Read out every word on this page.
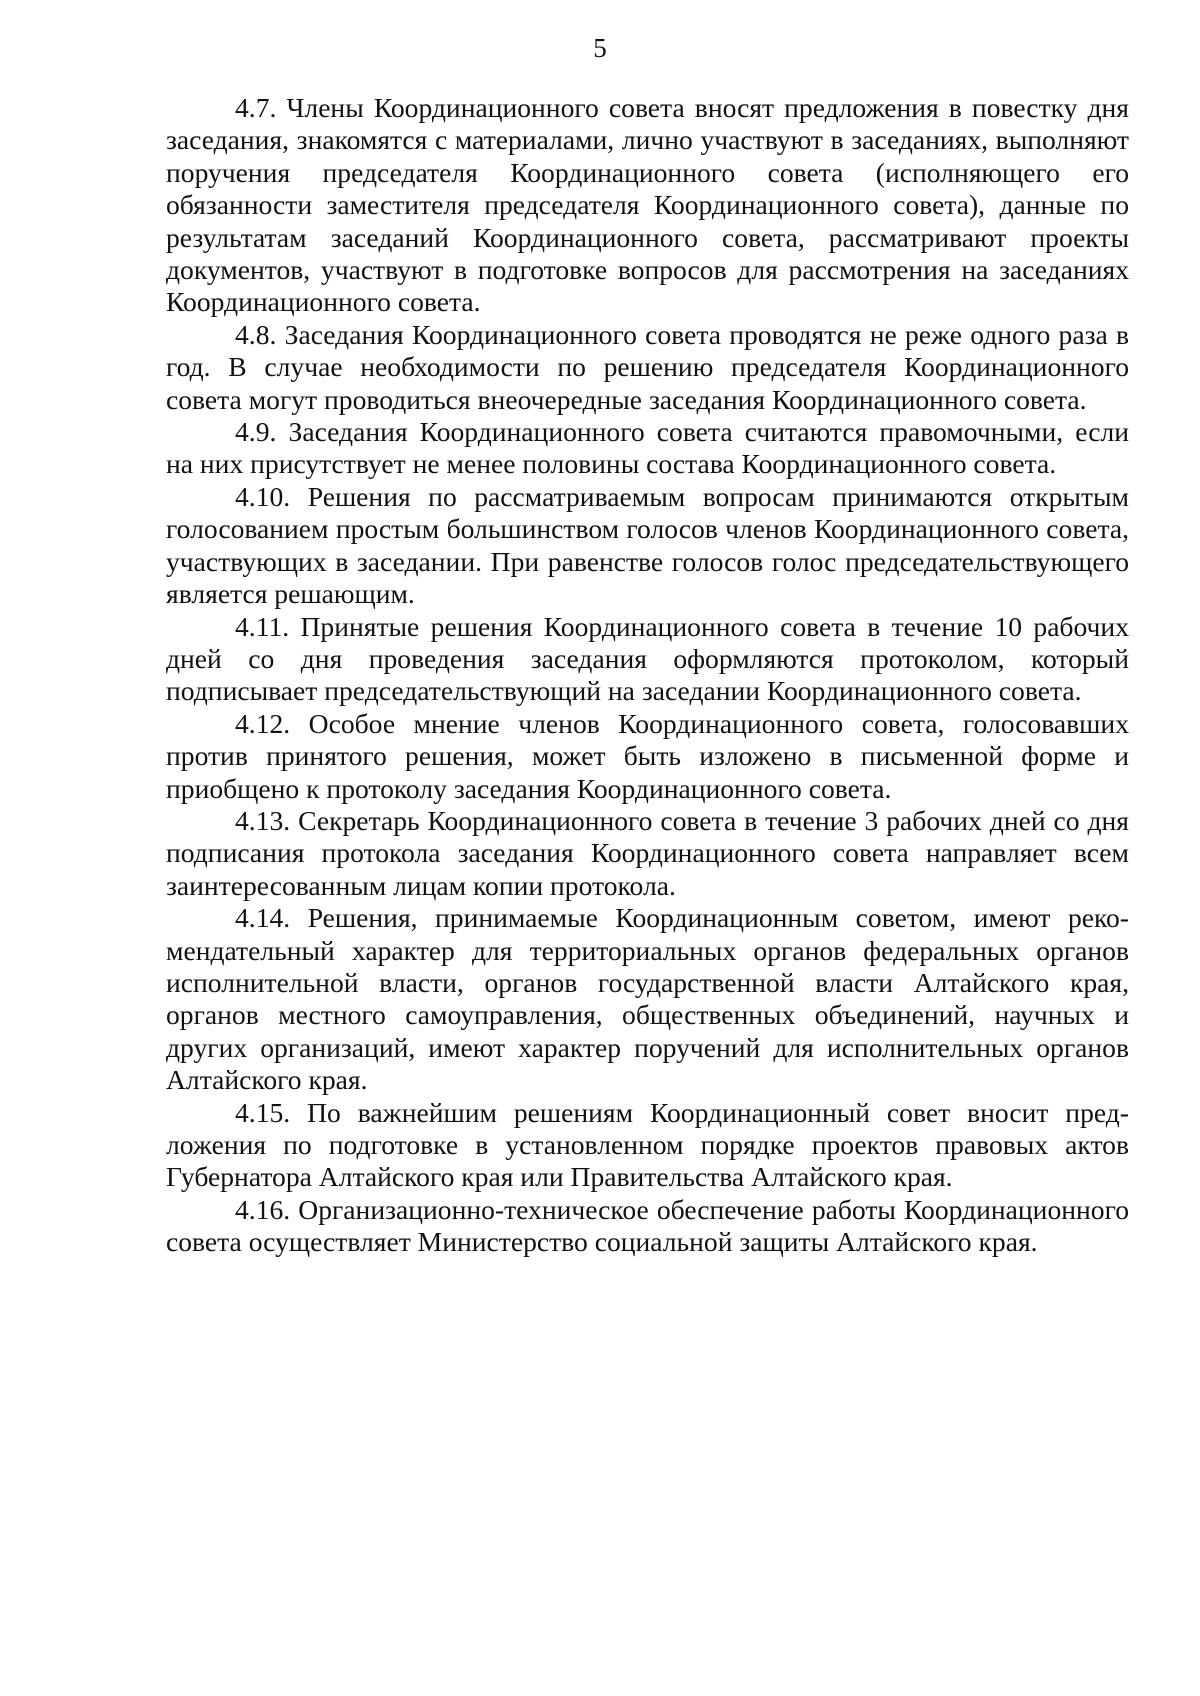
5

4.7. Члены Координационного совета вносят предложения в повестку дня заседания, знакомятся с материалами, лично участвуют в заседаниях, выполняют поручения председателя Координационного совета (исполняющего его обязанности заместителя председателя Координационного совета), данные по результатам заседаний Координационного совета, рассматривают проекты документов, участвуют в подготовке вопросов для рассмотрения на заседаниях Координационного совета.

4.8. Заседания Координационного совета проводятся не реже одного раза в год. В случае необходимости по решению председателя Координационного совета могут проводиться внеочередные заседания Координационного совета.

4.9. Заседания Координационного совета считаются правомочными, если на них присутствует не менее половины состава Координационного совета.

4.10. Решения по рассматриваемым вопросам принимаются открытым голосованием простым большинством голосов членов Координационного совета, участвующих в заседании. При равенстве голосов голос председательствующего является решающим.

4.11. Принятые решения Координационного совета в течение 10 рабочих дней со дня проведения заседания оформляются протоколом, который подписывает председательствующий на заседании Координационного совета.

4.12. Особое мнение членов Координационного совета, голосовавших против принятого решения, может быть изложено в письменной форме и приобщено к протоколу заседания Координационного совета.

4.13. Секретарь Координационного совета в течение 3 рабочих дней со дня подписания протокола заседания Координационного совета направляет всем заинтересованным лицам копии протокола.

4.14. Решения, принимаемые Координационным советом, имеют рекомендательный характер для территориальных органов федеральных органов исполнительной власти, органов государственной власти Алтайского края, органов местного самоуправления, общественных объединений, научных и других организаций, имеют характер поручений для исполнительных органов Алтайского края.

4.15. По важнейшим решениям Координационный совет вносит предложения по подготовке в установленном порядке проектов правовых актов Губернатора Алтайского края или Правительства Алтайского края.

4.16. Организационно-техническое обеспечение работы Координационного совета осуществляет Министерство социальной защиты Алтайского края.
